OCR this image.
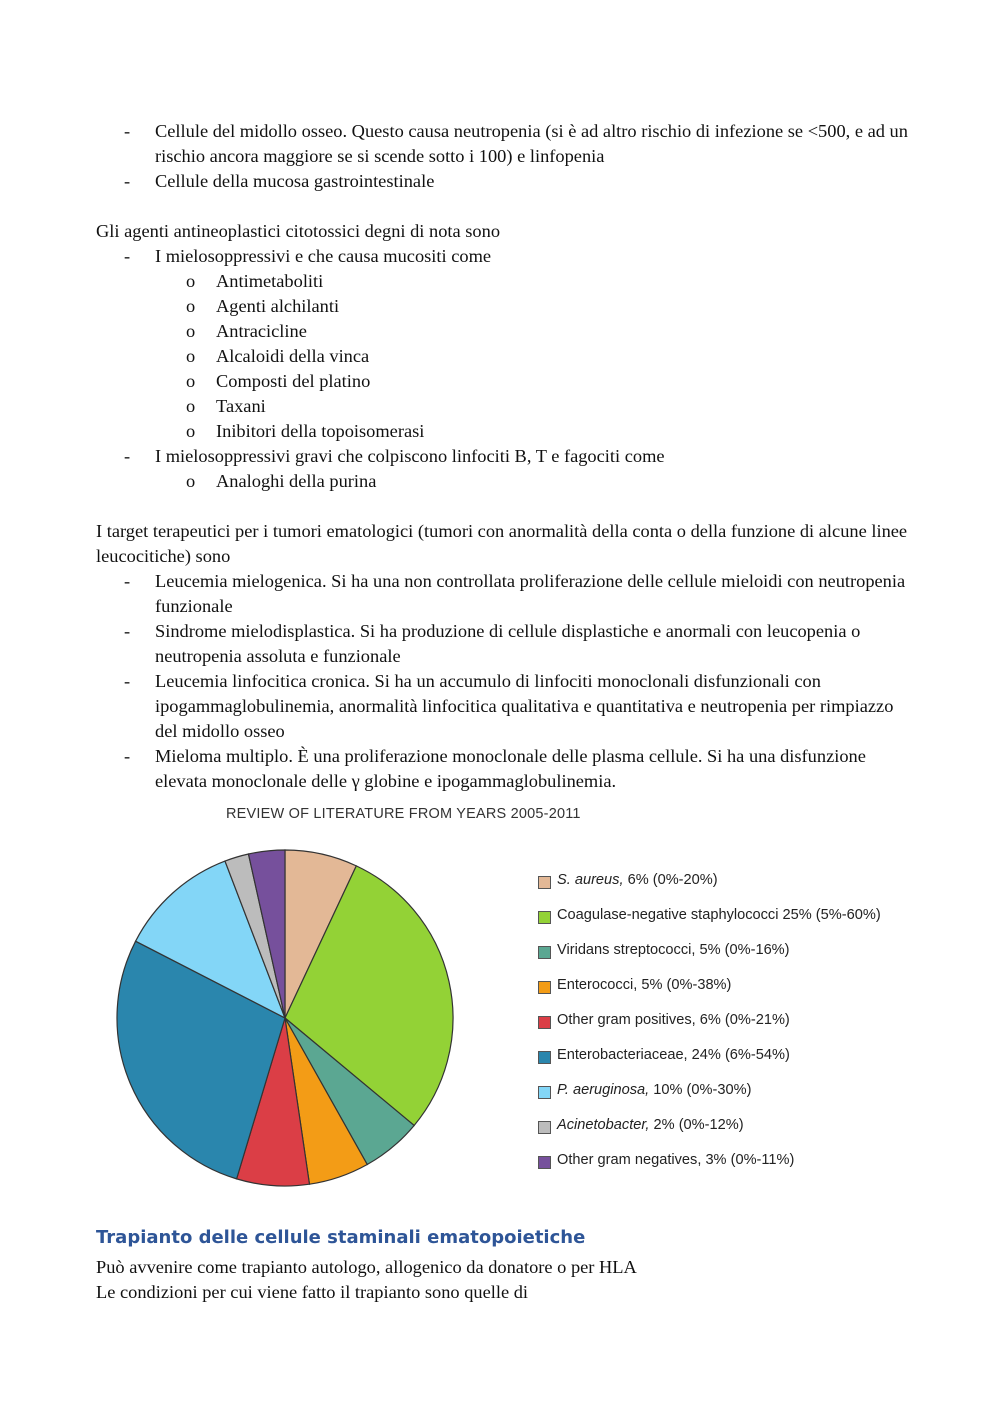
- Cellule del midollo osseo. Questo causa neutropenia (si è ad altro rischio di infezione se <500, e ad un rischio ancora maggiore se si scende sotto i 100) e linfopenia
- Cellule della mucosa gastrointestinale

Gli agenti antineoplastici citotossici degni di nota sono

- I mielosoppressivi e che causa mucositi come
o Antimetaboliti
o Agenti alchilanti
o Antracicline
o Alcaloidi della vinca
o Composti del platino
o Taxani
o Inibitori della topoisomerasi
- I mielosoppressivi gravi che colpiscono linfociti B, T e fagociti come
o Analoghi della purina

I target terapeutici per i tumori ematologici (tumori con anormalità della conta o della funzione di alcune linee leucocitiche) sono

- Leucemia mielogenica. Si ha una non controllata proliferazione delle cellule mieloidi con neutropenia funzionale
- Sindrome mielodisplastica. Si ha produzione di cellule displastiche e anormali con leucopenia o neutropenia assoluta e funzionale
- Leucemia linfocitica cronica. Si ha un accumulo di linfociti monoclonali disfunzionali con ipogammaglobulinemia, anormalità linfocitica qualitativa e quantitativa e neutropenia per rimpiazzo del midollo osseo
- Mieloma multiplo. È una proliferazione monoclonale delle plasma cellule. Si ha una disfunzione elevata monoclonale delle γ globine e ipogammaglobulinemia.
REVIEW OF LITERATURE FROM YEARS 2005-2011
S. aureus, 6% (0%-20%)
Coagulase-negative staphylococci 25% (5%-60%)
Viridans streptococci, 5% (0%-16%)
Enterococci, 5% (0%-38%)
Other gram positives, 6% (0%-21%)
Enterobacteriaceae, 24% (6%-54%)
P. aeruginosa, 10% (0%-30%)
Acinetobacter, 2% (0%-12%)
Other gram negatives, 3% (0%-11%)
Trapianto delle cellule staminali ematopoietiche

Può avvenire come trapianto autologo, allogenico da donatore o per HLA

Le condizioni per cui viene fatto il trapianto sono quelle di
